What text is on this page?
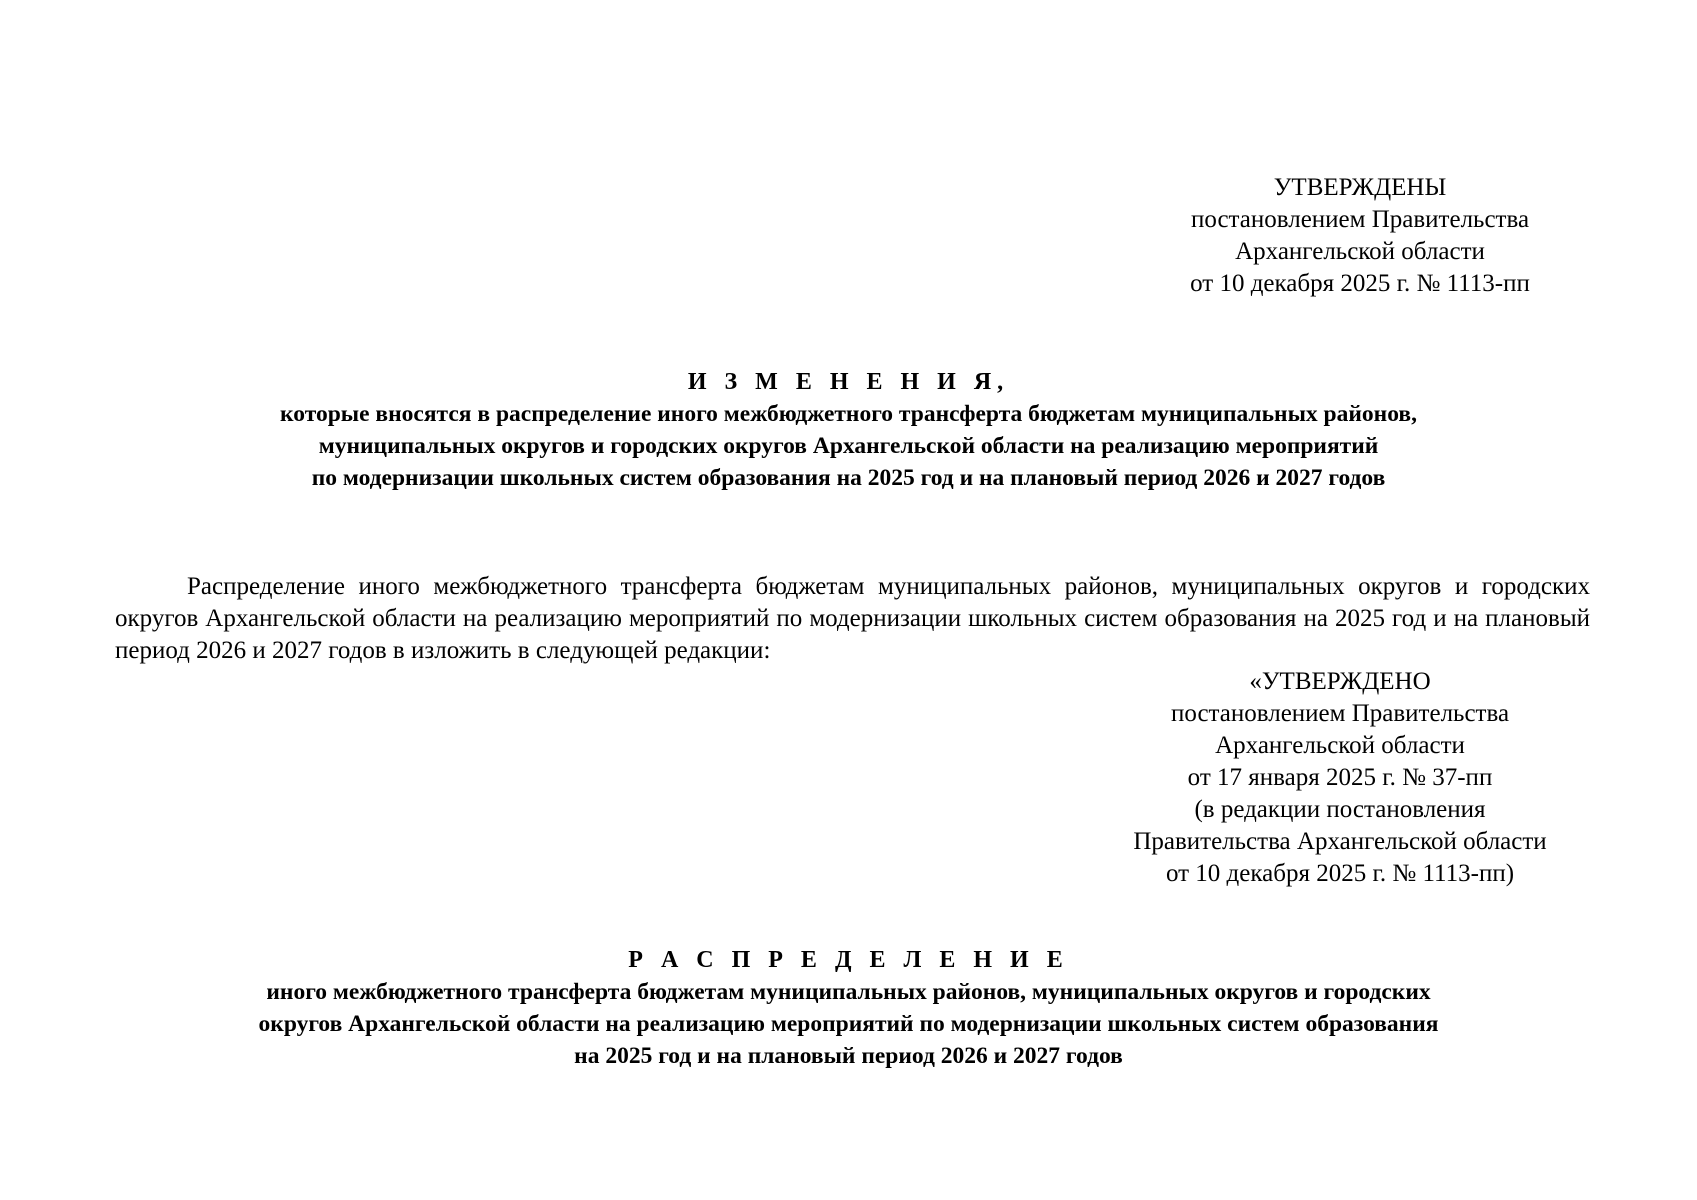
УТВЕРЖДЕНЫ
постановлением Правительства
Архангельской области
от 10 декабря 2025 г. № 1113-пп
И З М Е Н Е Н И Я,
которые вносятся в распределение иного межбюджетного трансферта бюджетам муниципальных районов,
муниципальных округов и городских округов Архангельской области на реализацию мероприятий
по модернизации школьных систем образования на 2025 год и на плановый период 2026 и 2027 годов

Распределение иного межбюджетного трансферта бюджетам муниципальных районов, муниципальных округов и городских округов Архангельской области на реализацию мероприятий по модернизации школьных систем образования на 2025 год и на плановый период 2026 и 2027 годов в изложить в следующей редакции:

«УТВЕРЖДЕНО
постановлением Правительства
Архангельской области
от 17 января 2025 г. № 37-пп
(в редакции постановления
Правительства Архангельской области
от 10 декабря 2025 г. № 1113-пп)
Р А С П Р Е Д Е Л Е Н И Е
иного межбюджетного трансферта бюджетам муниципальных районов, муниципальных округов и городских
округов Архангельской области на реализацию мероприятий по модернизации школьных систем образования
на 2025 год и на плановый период 2026 и 2027 годов
